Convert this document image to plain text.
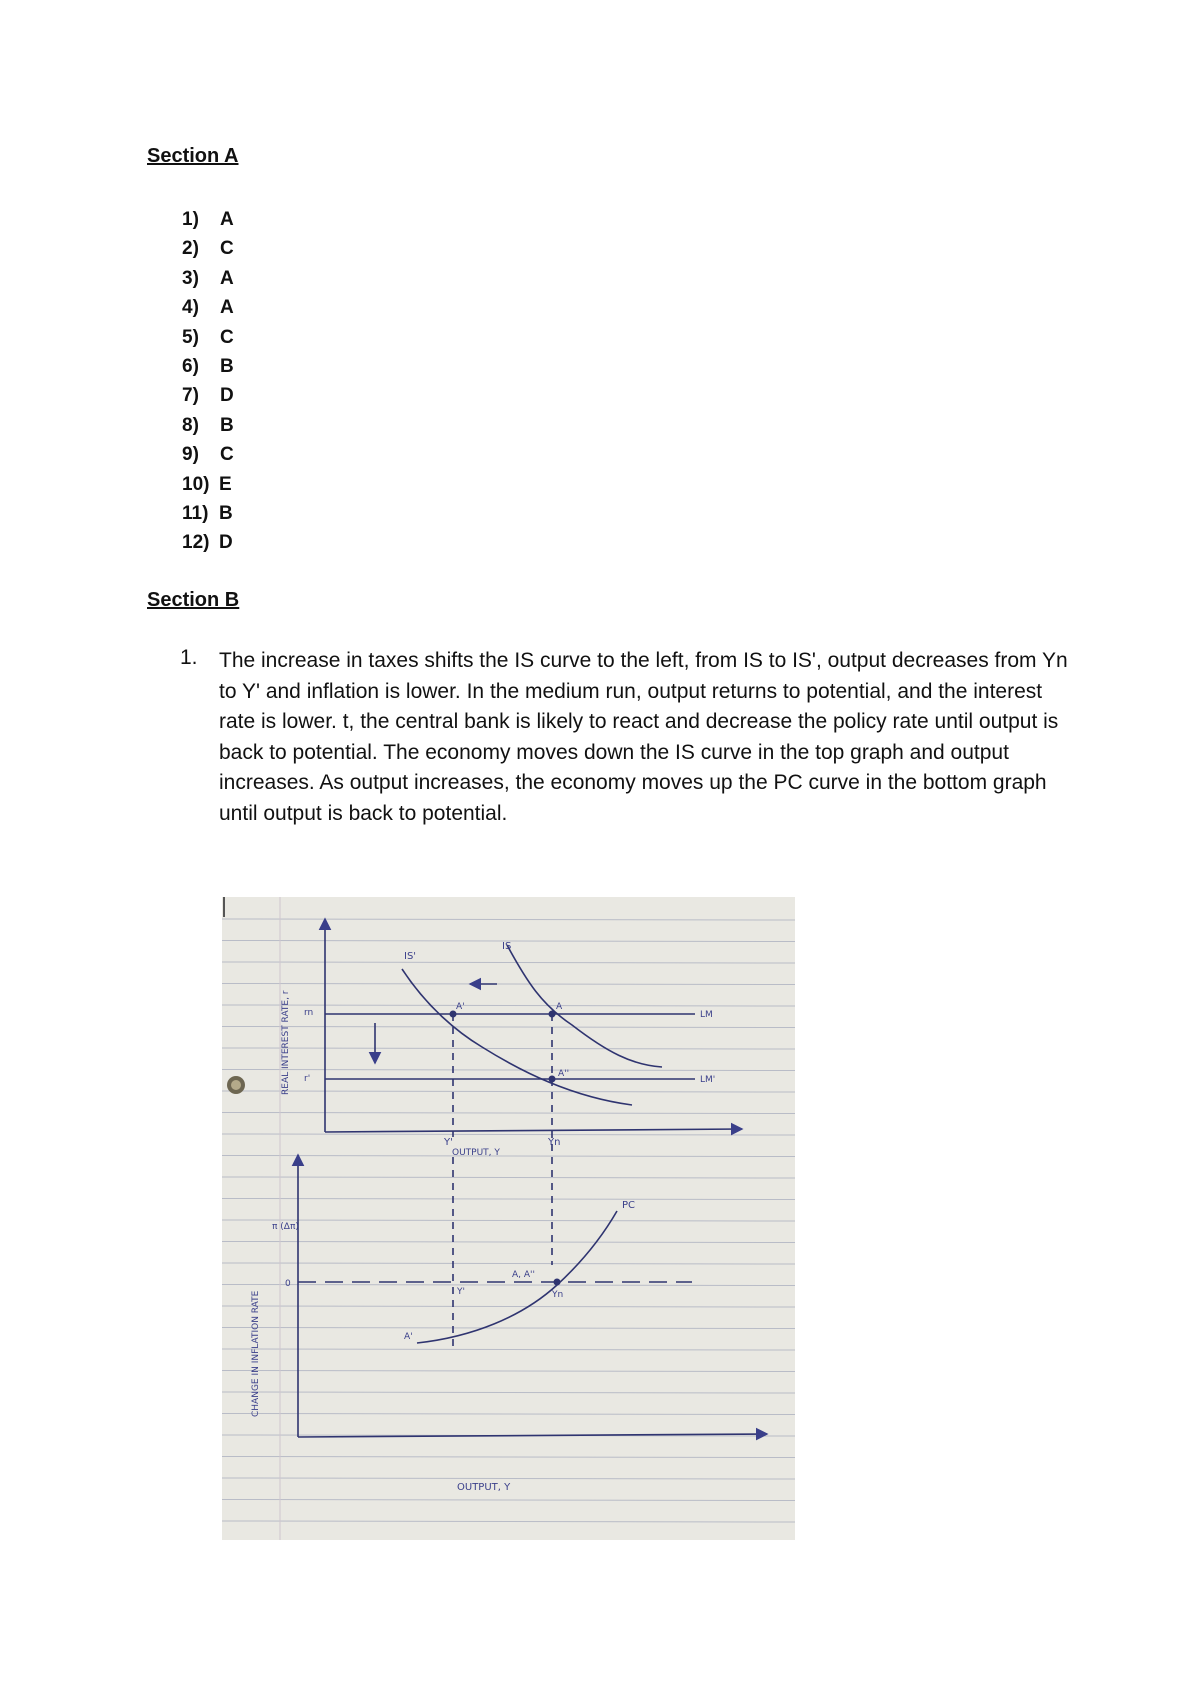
Section A
1)	A
2)	C
3)	A
4)	A
5)	C
6)	B
7)	D
8)	B
9)	C
10) E
11) B
12) D
Section B
1. The increase in taxes shifts the IS curve to the left, from IS to IS', output decreases from Yn to Y' and inflation is lower. In the medium run, output returns to potential, and the interest rate is lower. t, the central bank is likely to react and decrease the policy rate until output is back to potential. The economy moves down the IS curve in the top graph and output increases. As output increases, the economy moves up the PC curve in the bottom graph until output is back to potential.

REAL INTEREST RATE, r
OUTPUT, Y
IS
IS'
LM
LM'
rn
r'
A
A'
A''
Y'	Yn
CHANGE IN INFLATION RATE
OUTPUT, Y
PC
π (Δπ)
0
A, A''
A'
Y'	Yn
